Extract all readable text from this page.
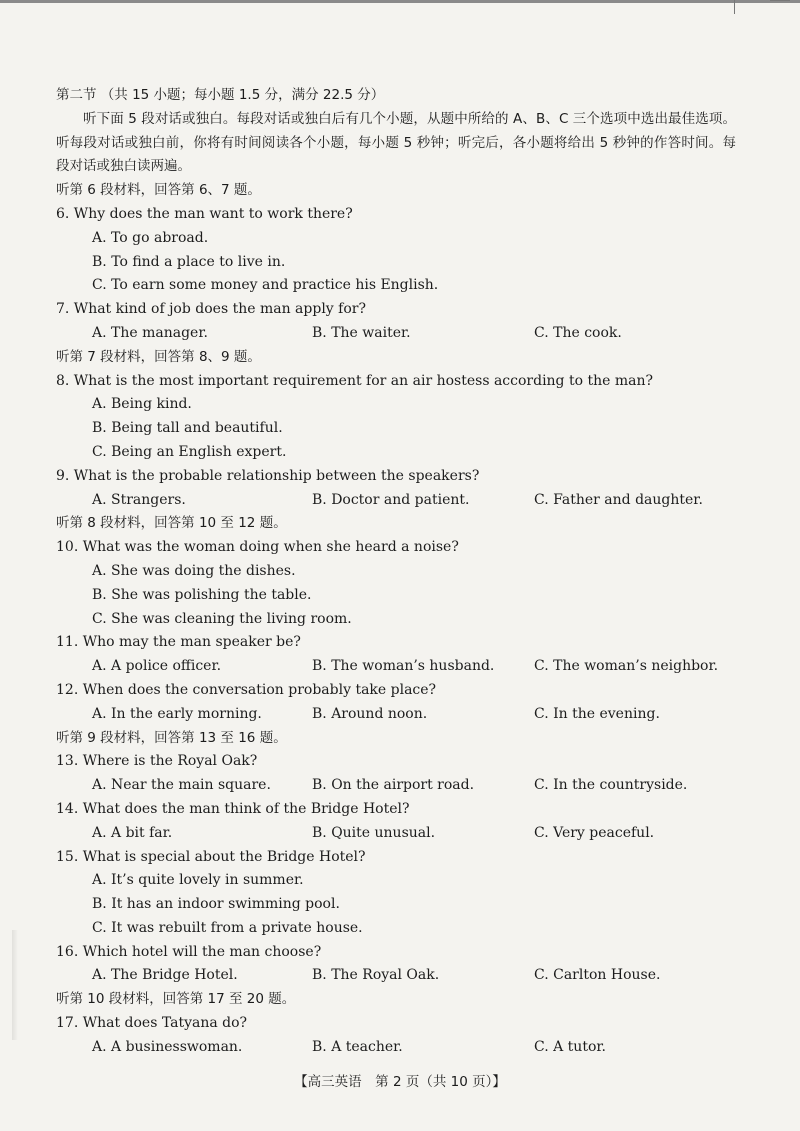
第二节 （共 15 小题；每小题 1.5 分，满分 22.5 分）

听下面 5 段对话或独白。每段对话或独白后有几个小题，从题中所给的 A、B、C 三个选项中选出最佳选项。听每段对话或独白前，你将有时间阅读各个小题，每小题 5 秒钟；听完后，各小题将给出 5 秒钟的作答时间。每段对话或独白读两遍。

听第 6 段材料，回答第 6、7 题。
6. Why does the man want to work there?
A. To go abroad.
B. To find a place to live in.
C. To earn some money and practice his English.
7. What kind of job does the man apply for?
A. The manager.	B. The waiter.	C. The cook.
听第 7 段材料，回答第 8、9 题。
8. What is the most important requirement for an air hostess according to the man?
A. Being kind.
B. Being tall and beautiful.
C. Being an English expert.
9. What is the probable relationship between the speakers?
A. Strangers.	B. Doctor and patient.	C. Father and daughter.
听第 8 段材料，回答第 10 至 12 题。
10. What was the woman doing when she heard a noise?
A. She was doing the dishes.
B. She was polishing the table.
C. She was cleaning the living room.
11. Who may the man speaker be?
A. A police officer.	B. The woman’s husband.	C. The woman’s neighbor.
12. When does the conversation probably take place?
A. In the early morning.	B. Around noon.	C. In the evening.
听第 9 段材料，回答第 13 至 16 题。
13. Where is the Royal Oak?
A. Near the main square.	B. On the airport road.	C. In the countryside.
14. What does the man think of the Bridge Hotel?
A. A bit far.	B. Quite unusual.	C. Very peaceful.
15. What is special about the Bridge Hotel?
A. It’s quite lovely in summer.
B. It has an indoor swimming pool.
C. It was rebuilt from a private house.
16. Which hotel will the man choose?
A. The Bridge Hotel.	B. The Royal Oak.	C. Carlton House.
听第 10 段材料，回答第 17 至 20 题。
17. What does Tatyana do?
A. A businesswoman.	B. A teacher.	C. A tutor.
【高三英语　第 2 页（共 10 页）】
